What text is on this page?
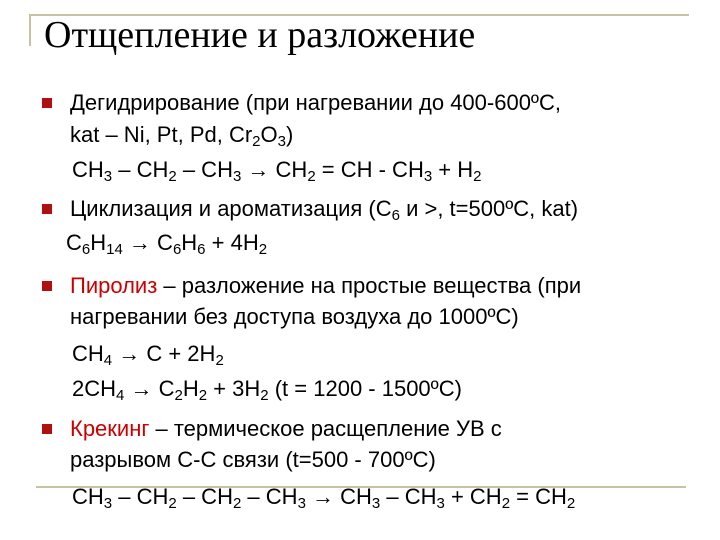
Отщепление и разложение
Дегидрирование (при нагревании до 400-600ºС,
kat – Ni, Pt, Pd, $Cr_2O_3$)
$CH_3 - CH_2 - CH_3 \to CH_2$ = CH - $CH_3 + H_2$
Циклизация и ароматизация ($С_6$ и >, t=500ºС, kat)
$C_6H_{14} \to C_6H_6 + 4H_2$
Пиролиз – разложение на простые вещества (при
нагревании без доступа воздуха до 1000ºС)
$CH_4 \to C + 2H_2$
$2CH_4 \to C_2H_2 + 3H_2$ (t = 1200 - 1500ºС)
Крекинг – термическое расщепление УВ с
разрывом С-С связи (t=500 - 700ºС)
$CH_3 - CH_2 - CH_2 - CH_3 \to CH_3 - CH_3 + CH_2 = CH_2$
